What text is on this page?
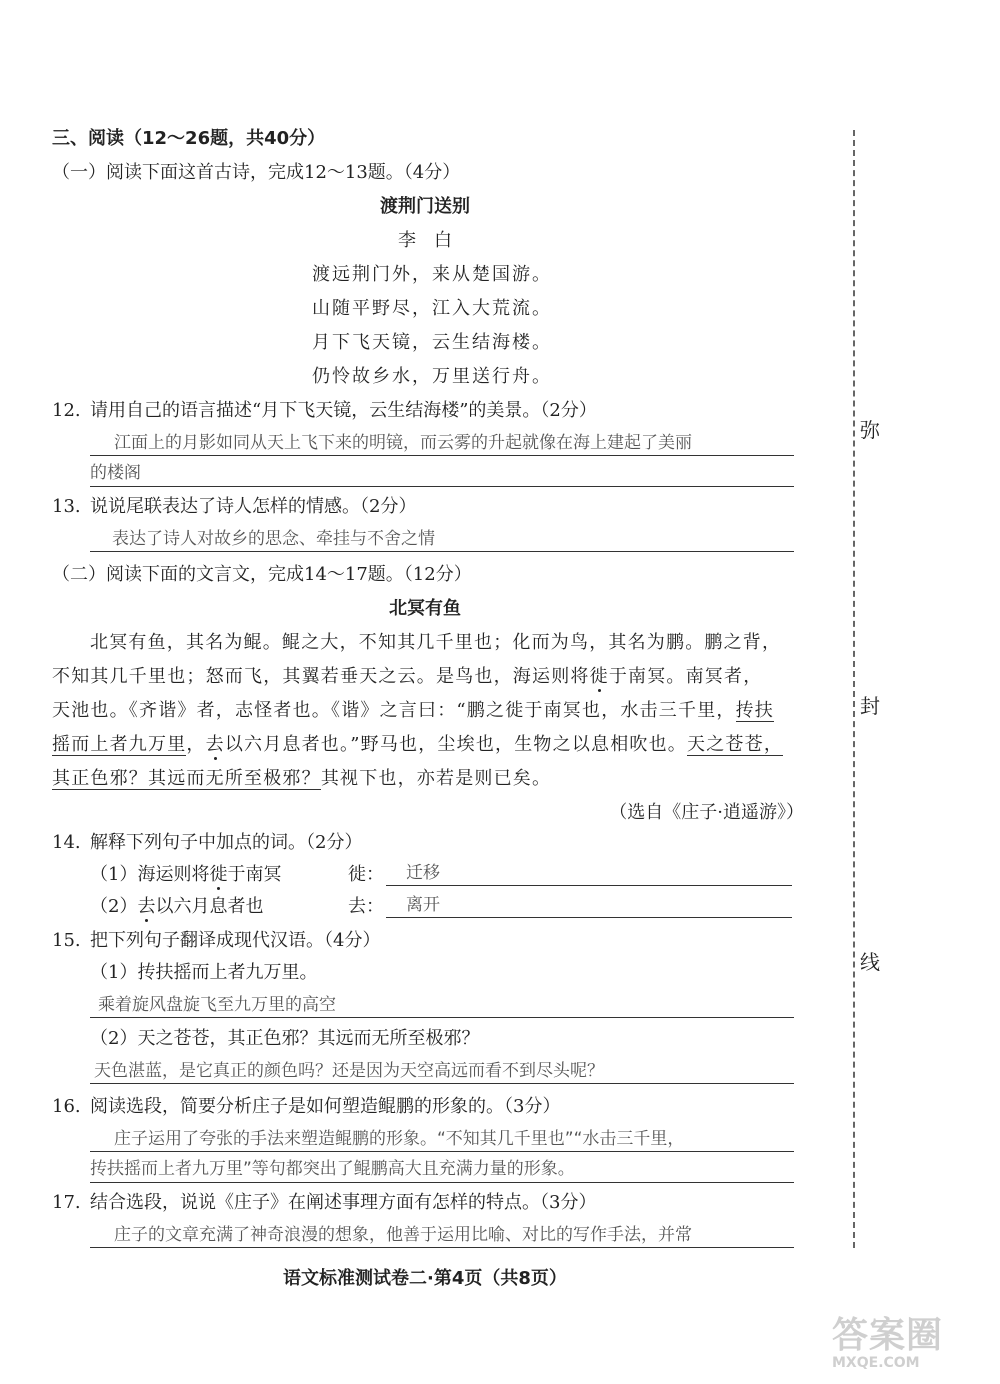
弥
封
线
三、阅读（12～26题，共40分）
（一）阅读下面这首古诗，完成12～13题。（4分）
渡荆门送别
李　白
渡远荆门外，来从楚国游。
山随平野尽，江入大荒流。
月下飞天镜，云生结海楼。
仍怜故乡水，万里送行舟。
12. 请用自己的语言描述“月下飞天镜，云生结海楼”的美景。（2分）
江面上的月影如同从天上飞下来的明镜，而云雾的升起就像在海上建起了美丽
的楼阁
13. 说说尾联表达了诗人怎样的情感。（2分）
表达了诗人对故乡的思念、牵挂与不舍之情
（二）阅读下面的文言文，完成14～17题。（12分）
北冥有鱼
北冥有鱼，其名为鲲。鲲之大，不知其几千里也；化而为鸟，其名为鹏。鹏之背，
不知其几千里也；怒而飞，其翼若垂天之云。是鸟也，海运则将徙于南冥。南冥者，
天池也。《齐谐》者，志怪者也。《谐》之言曰：“鹏之徙于南冥也，水击三千里，抟扶
摇而上者九万里，去以六月息者也。”野马也，尘埃也，生物之以息相吹也。天之苍苍，
其正色邪？其远而无所至极邪？其视下也，亦若是则已矣。
（选自《庄子·逍遥游》）
14. 解释下列句子中加点的词。（2分）
（1）海运则将徙于南冥	徙：	迁移
（2）去以六月息者也	去：	离开
15. 把下列句子翻译成现代汉语。（4分）
（1）抟扶摇而上者九万里。
乘着旋风盘旋飞至九万里的高空
（2）天之苍苍，其正色邪？其远而无所至极邪？
天色湛蓝，是它真正的颜色吗？还是因为天空高远而看不到尽头呢？
16. 阅读选段，简要分析庄子是如何塑造鲲鹏的形象的。（3分）
庄子运用了夸张的手法来塑造鲲鹏的形象。“不知其几千里也”“水击三千里，
抟扶摇而上者九万里”等句都突出了鲲鹏高大且充满力量的形象。
17. 结合选段，说说《庄子》在阐述事理方面有怎样的特点。（3分）
庄子的文章充满了神奇浪漫的想象，他善于运用比喻、对比的写作手法，并常
语文标准测试卷二·第4页（共8页）
答案圈
MXQE.COM
